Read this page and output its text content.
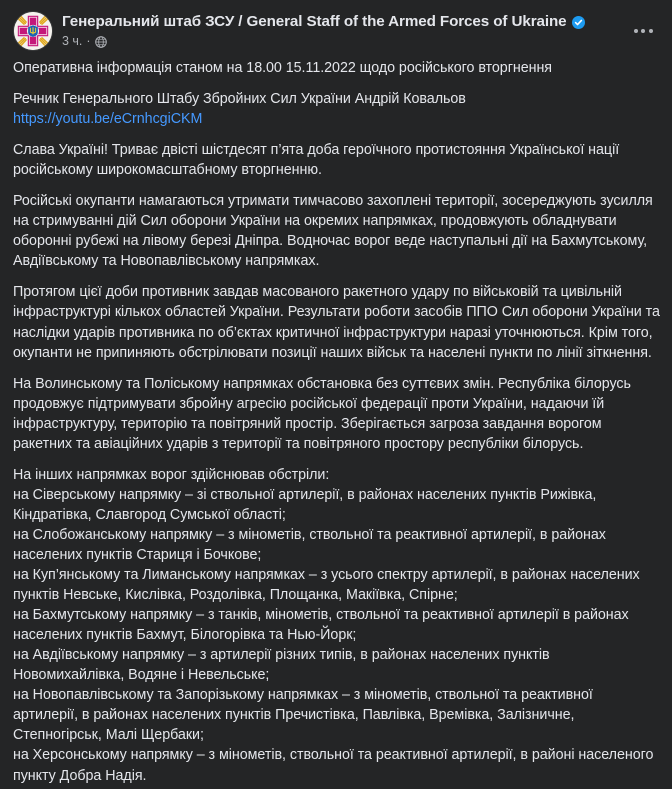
Генеральний штаб ЗСУ / General Staff of the Armed Forces of Ukraine
3 ч. ·

Оперативна інформація станом на 18.00 15.11.2022 щодо російського вторгнення

Речник Генерального Штабу Збройних Сил України Андрій Ковальов

https://youtu.be/eCrnhcgiCKM

Слава Україні! Триває двісті шістдесят п’ята доба героїчного протистояння Української нації російському широкомасштабному вторгненню.

Російські окупанти намагаються утримати тимчасово захоплені території, зосереджують зусилля на стримуванні дій Сил оборони України на окремих напрямках, продовжують обладнувати оборонні рубежі на лівому березі Дніпра. Водночас ворог веде наступальні дії на Бахмутському, Авдіївському та Новопавлівському напрямках.

Протягом цієї доби противник завдав масованого ракетного удару по військовій та цивільній інфраструктурі кількох областей України. Результати роботи засобів ППО Сил оборони України та наслідки ударів противника по об’єктах критичної інфраструктури наразі уточнюються. Крім того, окупанти не припиняють обстрілювати позиції наших військ та населені пункти по лінії зіткнення.

На Волинському та Поліському напрямках обстановка без суттєвих змін. Республіка білорусь продовжує підтримувати збройну агресію російської федерації проти України, надаючи їй інфраструктуру, територію та повітряний простір. Зберігається загроза завдання ворогом ракетних та авіаційних ударів з території та повітряного простору республіки білорусь.

На інших напрямках ворог здійснював обстріли:

на Сіверському напрямку – зі ствольної артилерії, в районах населених пунктів Рижівка, Кіндратівка, Славгород Сумської області;

на Слобожанському напрямку – з мінометів, ствольної та реактивної артилерії, в районах населених пунктів Стариця і Бочкове;

на Куп’янському та Лиманському напрямках – з усього спектру артилерії, в районах населених пунктів Невське, Кислівка, Роздолівка, Площанка, Макіївка, Спірне;

на Бахмутському напрямку – з танків, мінометів, ствольної та реактивної артилерії в районах населених пунктів Бахмут, Білогорівка та Нью-Йорк;

на Авдіївському напрямку – з артилерії різних типів, в районах населених пунктів Новомихайлівка, Водяне і Невельське;

на Новопавлівському та Запорізькому напрямках – з мінометів, ствольної та реактивної артилерії, в районах населених пунктів Пречистівка, Павлівка, Времівка, Залізничне, Степногірськ, Малі Щербаки;

на Херсонському напрямку – з мінометів, ствольної та реактивної артилерії, в районі населеного пункту Добра Надія.
